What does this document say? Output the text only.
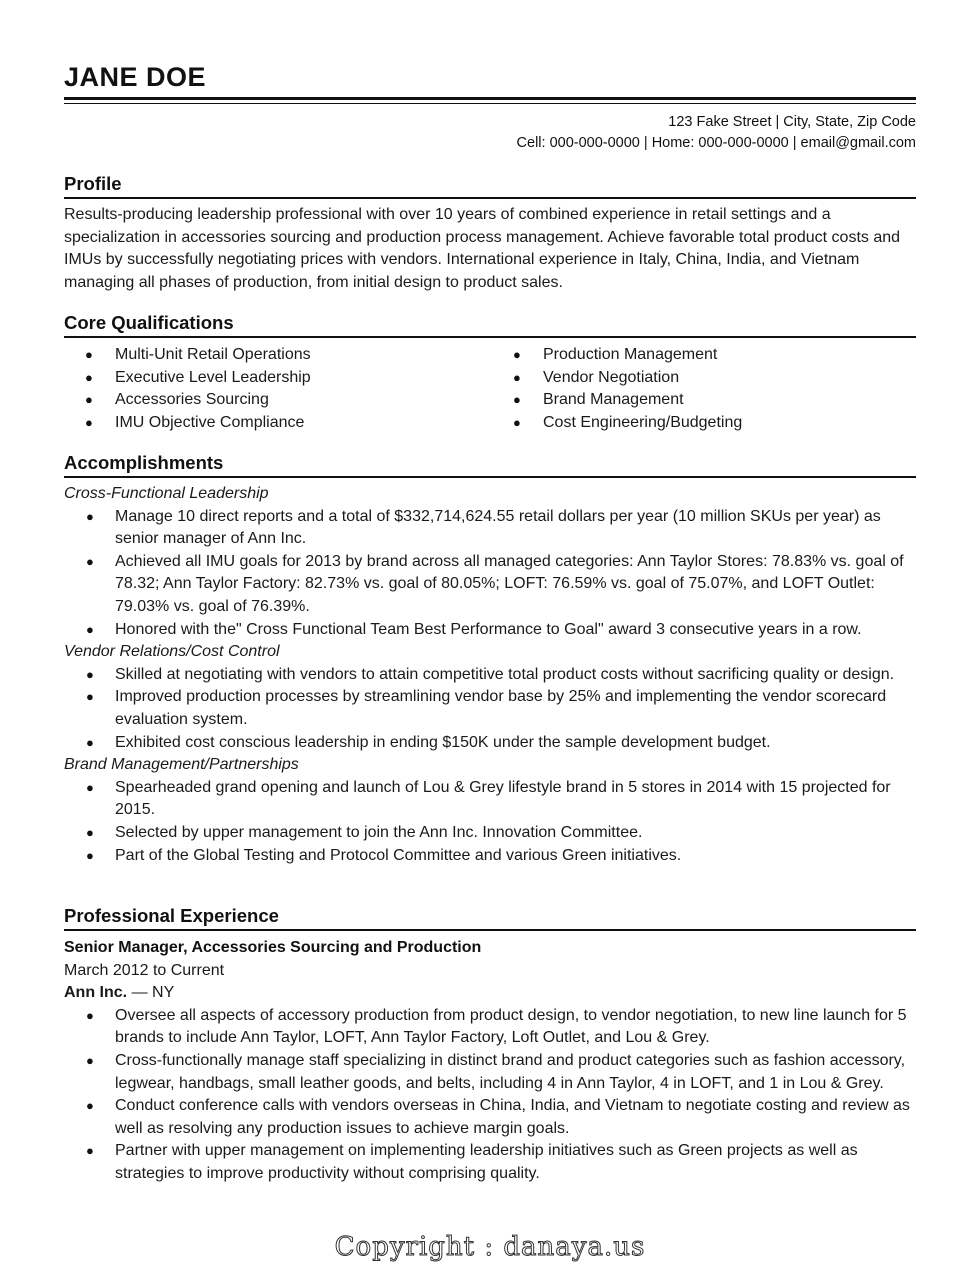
JANE DOE
123 Fake Street | City, State, Zip Code
Cell: 000-000-0000 | Home: 000-000-0000 | email@gmail.com
Profile
Results-producing leadership professional with over 10 years of combined experience in retail settings and a specialization in accessories sourcing and production process management. Achieve favorable total product costs and IMUs by successfully negotiating prices with vendors. International experience in Italy, China, India, and Vietnam managing all phases of production, from initial design to product sales.
Core Qualifications
● Multi-Unit Retail Operations
● Executive Level Leadership
● Accessories Sourcing
● IMU Objective Compliance
● Production Management
● Vendor Negotiation
● Brand Management
● Cost Engineering/Budgeting
Accomplishments
Cross-Functional Leadership
● Manage 10 direct reports and a total of $332,714,624.55 retail dollars per year (10 million SKUs per year) as senior manager of Ann Inc.
● Achieved all IMU goals for 2013 by brand across all managed categories: Ann Taylor Stores: 78.83% vs. goal of 78.32; Ann Taylor Factory: 82.73% vs. goal of 80.05%; LOFT: 76.59% vs. goal of 75.07%, and LOFT Outlet: 79.03% vs. goal of 76.39%.
● Honored with the" Cross Functional Team Best Performance to Goal" award 3 consecutive years in a row.
Vendor Relations/Cost Control
● Skilled at negotiating with vendors to attain competitive total product costs without sacrificing quality or design.
● Improved production processes by streamlining vendor base by 25% and implementing the vendor scorecard evaluation system.
● Exhibited cost conscious leadership in ending $150K under the sample development budget.
Brand Management/Partnerships
● Spearheaded grand opening and launch of Lou & Grey lifestyle brand in 5 stores in 2014 with 15 projected for 2015.
● Selected by upper management to join the Ann Inc. Innovation Committee.
● Part of the Global Testing and Protocol Committee and various Green initiatives.
Professional Experience
Senior Manager, Accessories Sourcing and Production
March 2012 to Current
Ann Inc. — NY
● Oversee all aspects of accessory production from product design, to vendor negotiation, to new line launch for 5 brands to include Ann Taylor, LOFT, Ann Taylor Factory, Loft Outlet, and Lou & Grey.
● Cross-functionally manage staff specializing in distinct brand and product categories such as fashion accessory, legwear, handbags, small leather goods, and belts, including 4 in Ann Taylor, 4 in LOFT, and 1 in Lou & Grey.
● Conduct conference calls with vendors overseas in China, India, and Vietnam to negotiate costing and review as well as resolving any production issues to achieve margin goals.
● Partner with upper management on implementing leadership initiatives such as Green projects as well as strategies to improve productivity without comprising quality.
Copyright : danaya.us
